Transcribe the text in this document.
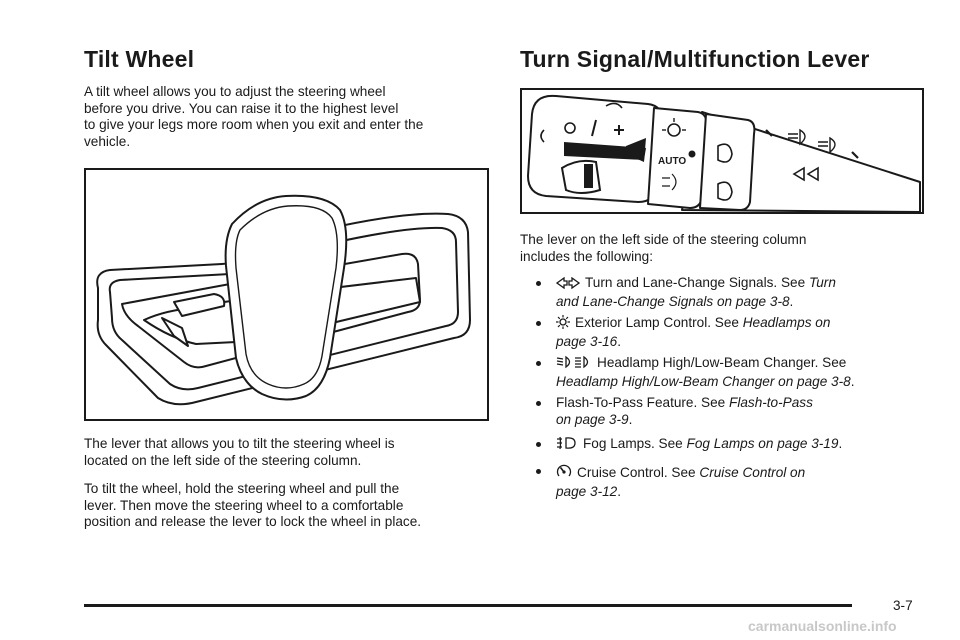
Tilt Wheel

A tilt wheel allows you to adjust the steering wheel

before you drive. You can raise it to the highest level

to give your legs more room when you exit and enter the

vehicle.

The lever that allows you to tilt the steering wheel is

located on the left side of the steering column.

To tilt the wheel, hold the steering wheel and pull the

lever. Then move the steering wheel to a comfortable

position and release the lever to lock the wheel in place.

Turn Signal/Multifunction Lever
AUTO

The lever on the left side of the steering column

includes the following:

Turn and Lane-Change Signals. See Turn
and Lane-Change Signals on page 3-8.
Exterior Lamp Control. See Headlamps on
page 3-16.
Headlamp High/Low-Beam Changer. See
Headlamp High/Low-Beam Changer on page 3-8.
Flash-To-Pass Feature. See Flash-to-Pass
on page 3-9.
Fog Lamps. See Fog Lamps on page 3-19.
Cruise Control. See Cruise Control on
page 3-12.
3-7
carmanualsonline.info
